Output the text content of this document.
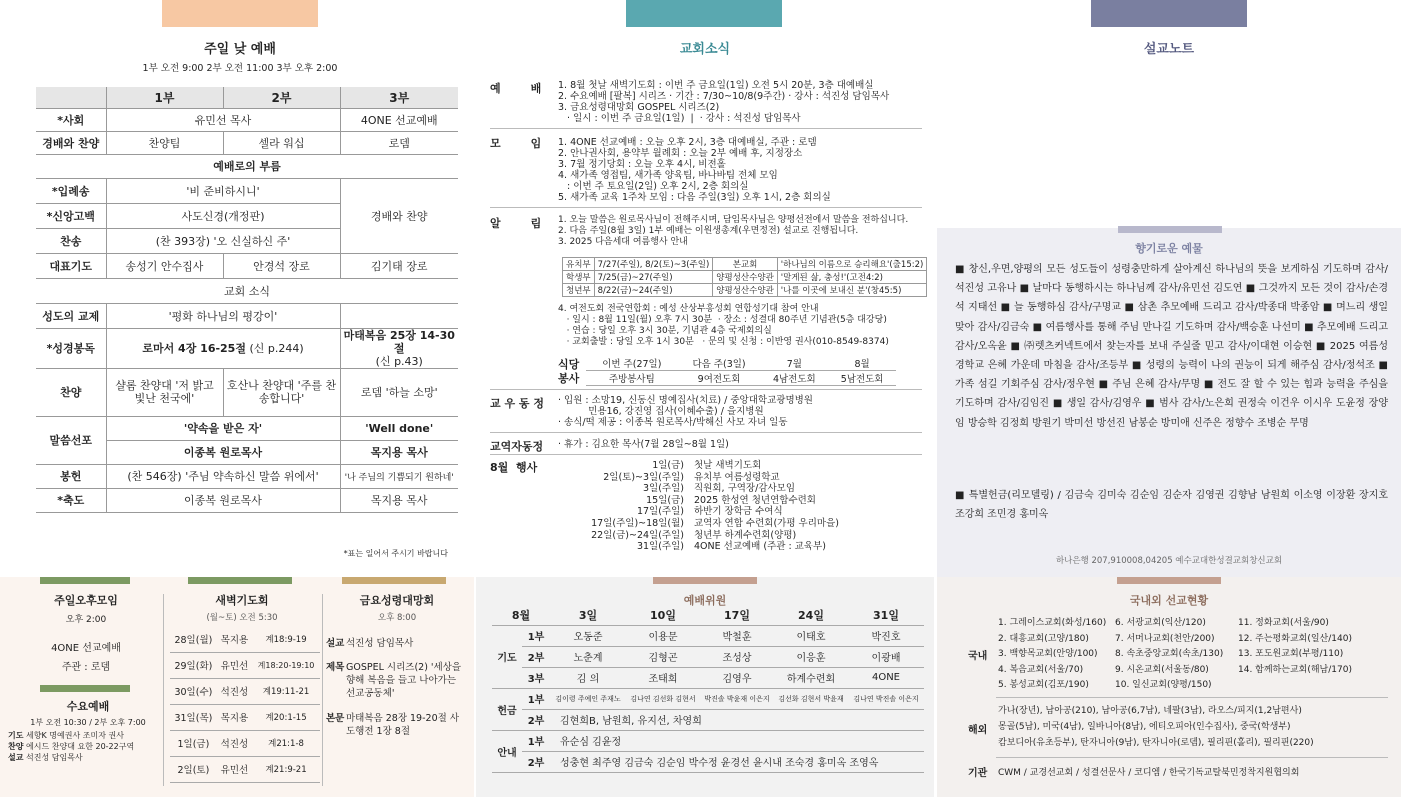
주일 낮 예배
1부 오전 9:00 2부 오전 11:00 3부 오후 2:00
	1부	2부	3부
*사회	유민선 목사		4ONE 선교예배
경배와 찬양	찬양팀	셀라 워십	로뎀
예배로의 부름			
*입례송	'비 준비하시니'		경배와 찬양
*신앙고백	사도신경(개정판)		
찬송	(찬 393장) '오 신실하신 주'		
대표기도	송성기 안수집사	안경석 장로	김기태 장로
교회 소식			
성도의 교제	'평화 하나님의 평강이'		
*성경봉독	로마서 4장 16-25절 (신 p.244)		마태복음 25장 14-30절
(신 p.43)
찬양	샬롬 찬양대 '저 밝고 빛난 천국에'	호산나 찬양대 '주를 찬송합니다'	로뎀 '하늘 소망'
말씀선포	'약속을 받은 자'		'Well done'
	이종복 원로목사		목지용 목사
봉헌	(찬 546장) '주님 약속하신 말씀 위에서'		'나 주님의 기쁨되기 원하네'
*축도	이종복 원로목사		목지용 목사
*표는 일어서 주시기 바랍니다
교회소식
예      배 1. 8월 첫날 새벽기도회 : 이번 주 금요일(1일) 오전 5시 20분, 3층 대예배실
2. 수요예배 [팔복] 시리즈 · 기간 : 7/30~10/8(9주간) · 강사 : 석진성 담임목사
3. 금요성령대망회 GOSPEL 시리즈(2)
· 일시 : 이번 주 금요일(1일)  |  · 강사 : 석진성 담임목사
모      임 1. 4ONE 선교예배 : 오늘 오후 2시, 3층 대예배실, 주관 : 로뎀
2. 안나권사회, 용약부 월례회 : 오늘 2부 예배 후, 지정장소
3. 7월 정기당회 : 오늘 오후 4시, 비전홀
4. 새가족 영접팀, 새가족 양육팀, 바나바팀 전체 모임
: 이번 주 토요일(2일) 오후 2시, 2층 회의실
5. 새가족 교육 1주차 모임 : 다음 주일(3일) 오후 1시, 2층 회의실
알      림 1. 오늘 말씀은 원로목사님이 전해주시며, 담임목사님은 양평선전에서 말씀을 전하십니다.
2. 다음 주일(8월 3일) 1부 예배는 이원생총계(우면정전) 설교로 진행됩니다.
3. 2025 다음세대 여름행사 안내
유치부	7/27(주일), 8/2(토)~3(주일)	본교회	'하나님의 이름으로 승리해요'(출15:2)
학생부	7/25(금)~27(주일)	양평성산수양관	'말게된 삶, 충성!'(고전4:2)
청년부	8/22(금)~24(주일)	양평성산수양관	'나를 이곳에 보내신 분'(창45:5)
4. 여전도회 전국연합회 : 예성 산상부흥성회 연합성기대 참여 안내
· 일시 : 8월 11일(월) 오후 7시 30분  · 장소 : 성결대 80주년 기념관(5층 대강당)
· 연습 : 당일 오후 3시 30분, 기념관 4층 국제회의실
· 교회출발 : 당일 오후 1시 30분   · 문의 및 신청 : 이반영 권사(010-8549-8374)
식당봉사
이번 주(27일)	다음 주(3일)	7월	8월
주방봉사팀	9여전도회	4남전도회	5남전도회
교 우 동 정 · 입원 : 소망19, 신동신 명예집사(치료) / 중앙대학교광명병원
민용16, 강진영 집사(이혜수출) / 을지병원
· 송식/떡 제공 : 이종복 원로목사/박해신 사모 자녀 일동
교역자동정 · 휴가 : 김요한 목사(7월 28일~8월 1일)
8월  행사	1일(금) 첫날 새벽기도회
2일(토)~3일(주일) 유치부 여름성령학교
3일(주일) 직원회, 구역장/감사모임
15일(금) 2025 한성연 청년연합수련회
17일(주일) 하반기 장학금 수여식
17일(주일)~18일(월) 교역자 연합 수련회(가평 우리마을)
22일(금)~24일(주일) 청년부 하계수련회(양평)
31일(주일) 4ONE 선교예배 (주관 : 교육부)
설교노트
향기로운 예물
■ 창신,우면,양평의 모든 성도들이 성령충만하게 살아계신 하나님의 뜻을 보게하심 기도하며 감사/석진성 고유나 ■ 날마다 동행하시는 하나님께 감사/유민선 김도연 ■ 그것까지 모든 것이 감사/손경석 지태선 ■ 늘 동행하심 감사/구명교 ■ 삼촌 추모예배 드리고 감사/박종대 박종암 ■ 며느리 생일 맞아 감사/김금숙 ■ 여름행사를 통해 주님 만나길 기도하며 감사/백승훈 나선미 ■ 추모예배 드리고 감사/오옥윤 ■ ㈜렛츠커넥트에서 찾는자를 보내 주실줄 믿고 감사/이대현 이승현 ■ 2025 여름성경학교 은혜 가운데 마침을 감사/조등부 ■ 성령의 능력이 나의 권능이 되게 해주심 감사/정석조 ■ 가족 섬길 기회주심 감사/정우현 ■ 주님 은혜 감사/무명 ■ 전도 잘 할 수 있는 힘과 능력을 주심을 기도하며 감사/김임진 ■ 생일 감사/김영우 ■ 범사 감사/노은희 권정숙 이건우 이시우 도윤정 장양임 방승학 김정희 방원기 박미선 방선진 남봉순 방미애 신주은 정향수 조병순 무명
■ 특별헌금(리모델링) / 김금숙 김미숙 김순임 김순자 김영권 김향남 남원희 이소영 이장환 장지호 조강희 조민경 홍미옥
하나은행 207,910008,04205 예수교대한성결교회창신교회
주일오후모임
오후 2:00
4ONE 선교예배
주관 : 로뎀
수요예배
1부 오전 10:30 / 2부 오후 7:00
기도 세향K 명예권사 조미자 권사
찬양 에시드 찬양대 요한 20-22구역
설교 석진성 담임목사
새벽기도회
(월~토) 오전 5:30
28일(월)	목지용	계18:9-19
29일(화)	유민선	계18:20-19:10
30일(수)	석진성	계19:11-21
31일(목)	목지용	계20:1-15
1일(금)	석진성	계21:1-8
2일(토)	유민선	계21:9-21
금요성령대망회
오후 8:00
설교 석진성 담임목사
제목 GOSPEL 시리즈(2) '세상을 향해 복음을 들고 나아가는 선교공동체'
본문 마태복음 28장 19-20절 사도행전 1장 8절
예배위원
8월		3일	10일	17일	24일	31일
기도	1부	오동준	이용문	박철훈	이태호	박진호
	2부	노춘계	김형곤	조성상	이응훈	이광배
	3부	김 의	조태희	김영우	하계수련회	4ONE
헌금	1부	김이령 주예인 주재노	김나연 김선화 김현서	박진솔 박윤재 이은지	김선화 김현서 박윤재	김나연 박진솔 이은지
	2부	김현희B, 남원희, 유지선, 차영희				
안내	1부	유순심 김윤정				
	2부	성충현 최주영 김금숙 김순임 박수정 윤경선 윤시내 조숙경 홍미옥 조영옥				
국내외 선교현황
국내
1. 그레이스교회(화성/160)
2. 대흥교회(고양/180)
3. 백향목교회(안양/100)
4. 복음교회(서울/70)
5. 봉성교회(김포/190)
6. 서광교회(익산/120)
7. 서머나교회(천안/200)
8. 속초중앙교회(속초/130)
9. 시온교회(서울동/80)
10. 일신교회(양평/150)
11. 정화교회(서울/90)
12. 주는평화교회(일산/140)
13. 포도원교회(부평/110)
14. 함께하는교회(해남/170)
해외
가나(장년), 남아공(210), 남아공(6,7남), 네팔(3남), 라오스/피지(1,2남편사)
몽골(5남), 미국(4남), 일바니아(8남), 에티오피아(인수집사), 중국(학생부)
캄보디아(유초등부), 탄자니아(9남), 탄자니아(로뎀), 필리핀(홀리), 필리핀(220)
기관 CWM / 교경선교회 / 성결선문사 / 코디엠 / 한국기독교탈북민정착지원협의회
